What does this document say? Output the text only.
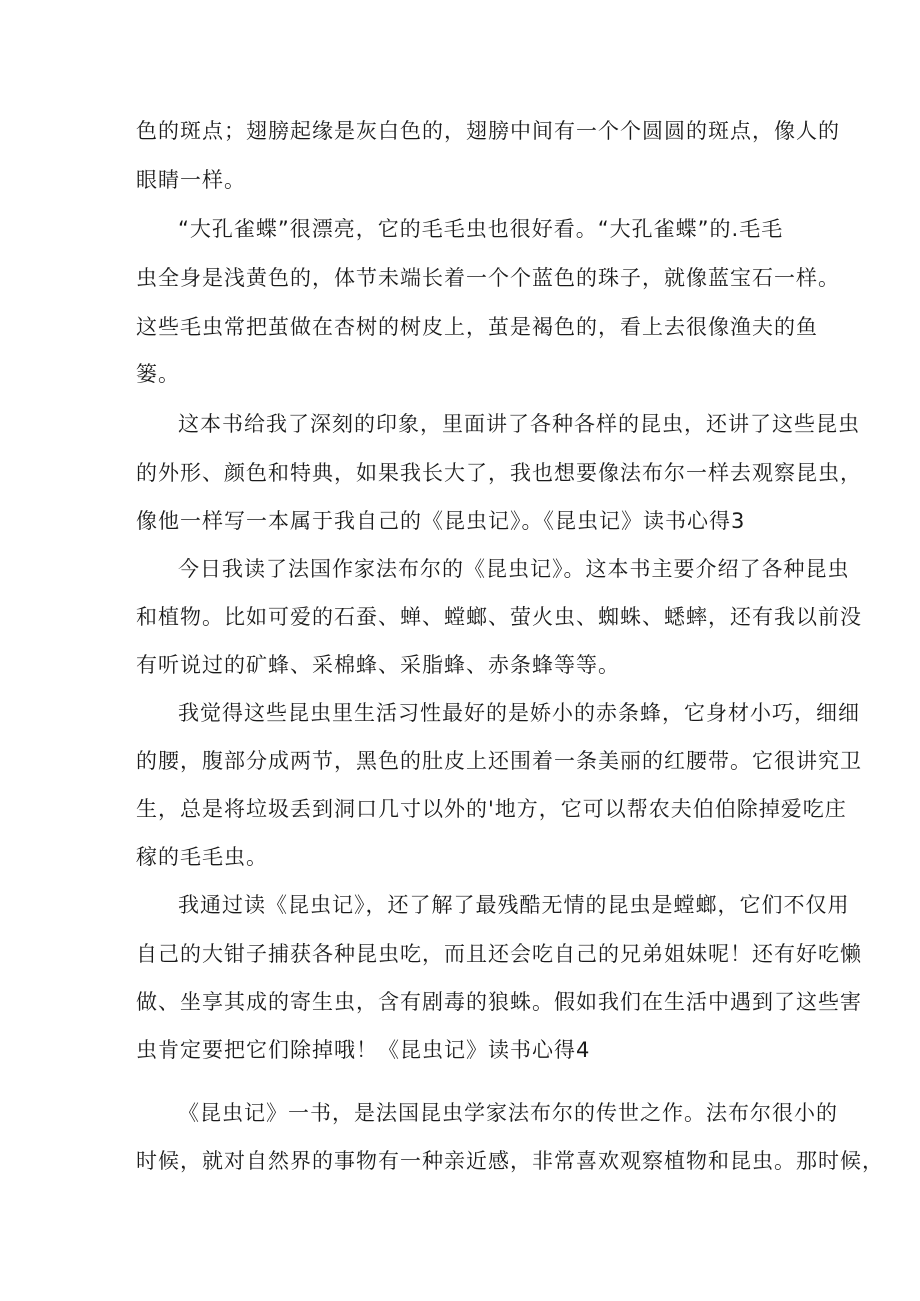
色的斑点；翅膀起缘是灰白色的，翅膀中间有一个个圆圆的斑点，像人的
眼睛一样。
“大孔雀蝶”很漂亮，它的毛毛虫也很好看。“大孔雀蝶”的.毛毛
虫全身是浅黄色的，体节未端长着一个个蓝色的珠子，就像蓝宝石一样。
这些毛虫常把茧做在杏树的树皮上，茧是褐色的，看上去很像渔夫的鱼
篓。
这本书给我了深刻的印象，里面讲了各种各样的昆虫，还讲了这些昆虫
的外形、颜色和特典，如果我长大了，我也想要像法布尔一样去观察昆虫，
像他一样写一本属于我自己的《昆虫记》。《昆虫记》读书心得3
今日我读了法国作家法布尔的《昆虫记》。这本书主要介绍了各种昆虫
和植物。比如可爱的石蚕、蝉、螳螂、萤火虫、蜘蛛、蟋蟀，还有我以前没
有听说过的矿蜂、采棉蜂、采脂蜂、赤条蜂等等。
我觉得这些昆虫里生活习性最好的是娇小的赤条蜂，它身材小巧，细细
的腰，腹部分成两节，黑色的肚皮上还围着一条美丽的红腰带。它很讲究卫
生，总是将垃圾丢到洞口几寸以外的'地方，它可以帮农夫伯伯除掉爱吃庄
稼的毛毛虫。
我通过读《昆虫记》，还了解了最残酷无情的昆虫是螳螂，它们不仅用
自己的大钳子捕获各种昆虫吃，而且还会吃自己的兄弟姐妹呢！还有好吃懒
做、坐享其成的寄生虫，含有剧毒的狼蛛。假如我们在生活中遇到了这些害
虫肯定要把它们除掉哦！《昆虫记》读书心得4
《昆虫记》一书，是法国昆虫学家法布尔的传世之作。法布尔很小的
时候，就对自然界的事物有一种亲近感，非常喜欢观察植物和昆虫。那时候，
